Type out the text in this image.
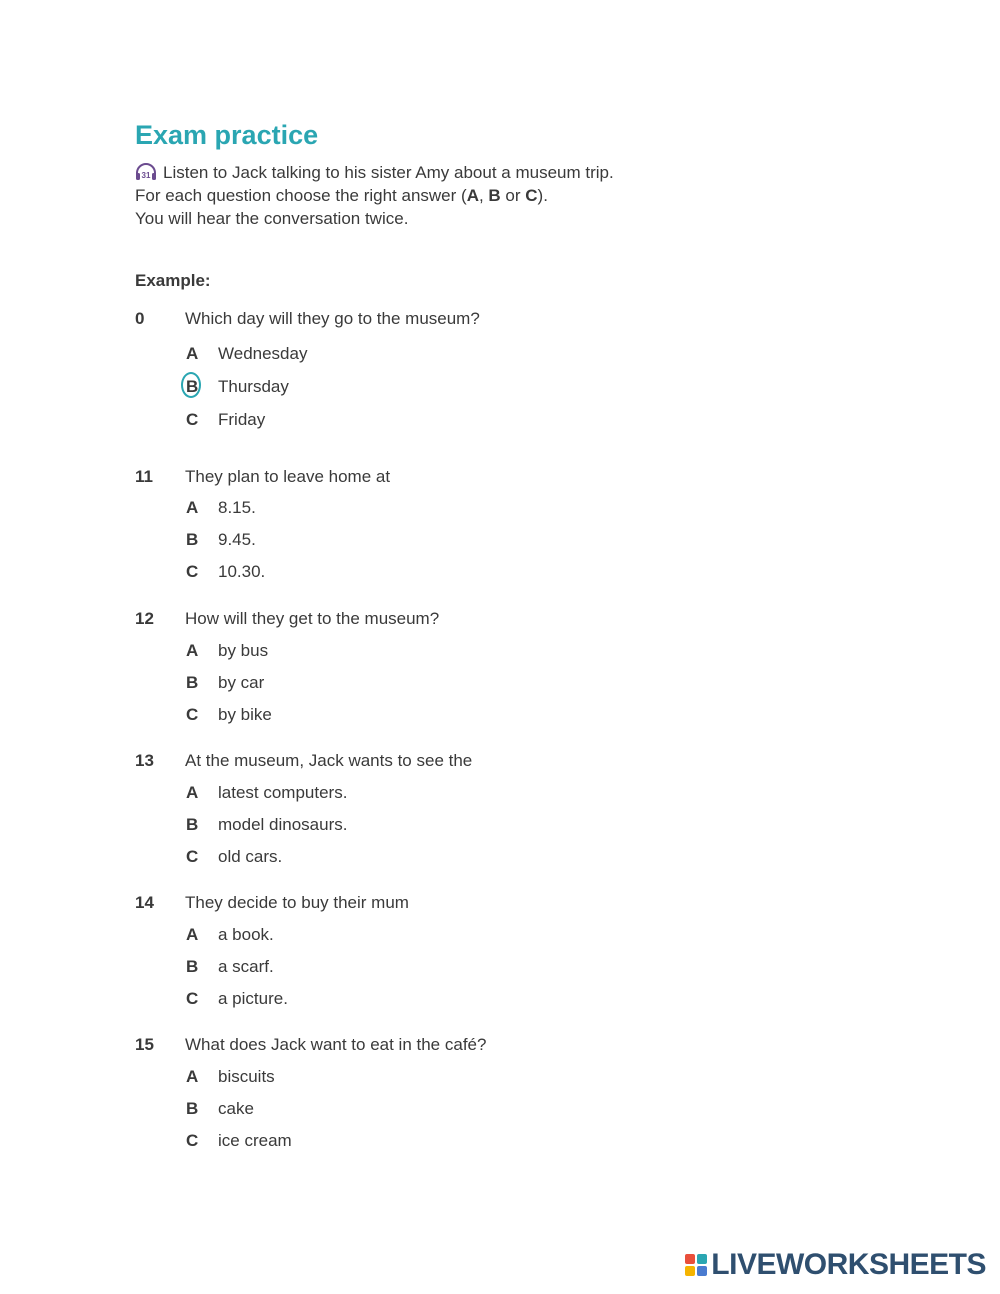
Exam practice
31 Listen to Jack talking to his sister Amy about a museum trip.
For each question choose the right answer (A, B or C).
You will hear the conversation twice.
Example:
0 Which day will they go to the museum?
A	Wednesday
B	Thursday
C	Friday
11 They plan to leave home at
A	8.15.
B	9.45.
C	10.30.
12 How will they get to the museum?
A	by bus
B	by car
C	by bike
13 At the museum, Jack wants to see the
A	latest computers.
B	model dinosaurs.
C	old cars.
14 They decide to buy their mum
A	a book.
B	a scarf.
C	a picture.
15 What does Jack want to eat in the café?
A	biscuits
B	cake
C	ice cream
LIVEWORKSHEETS
